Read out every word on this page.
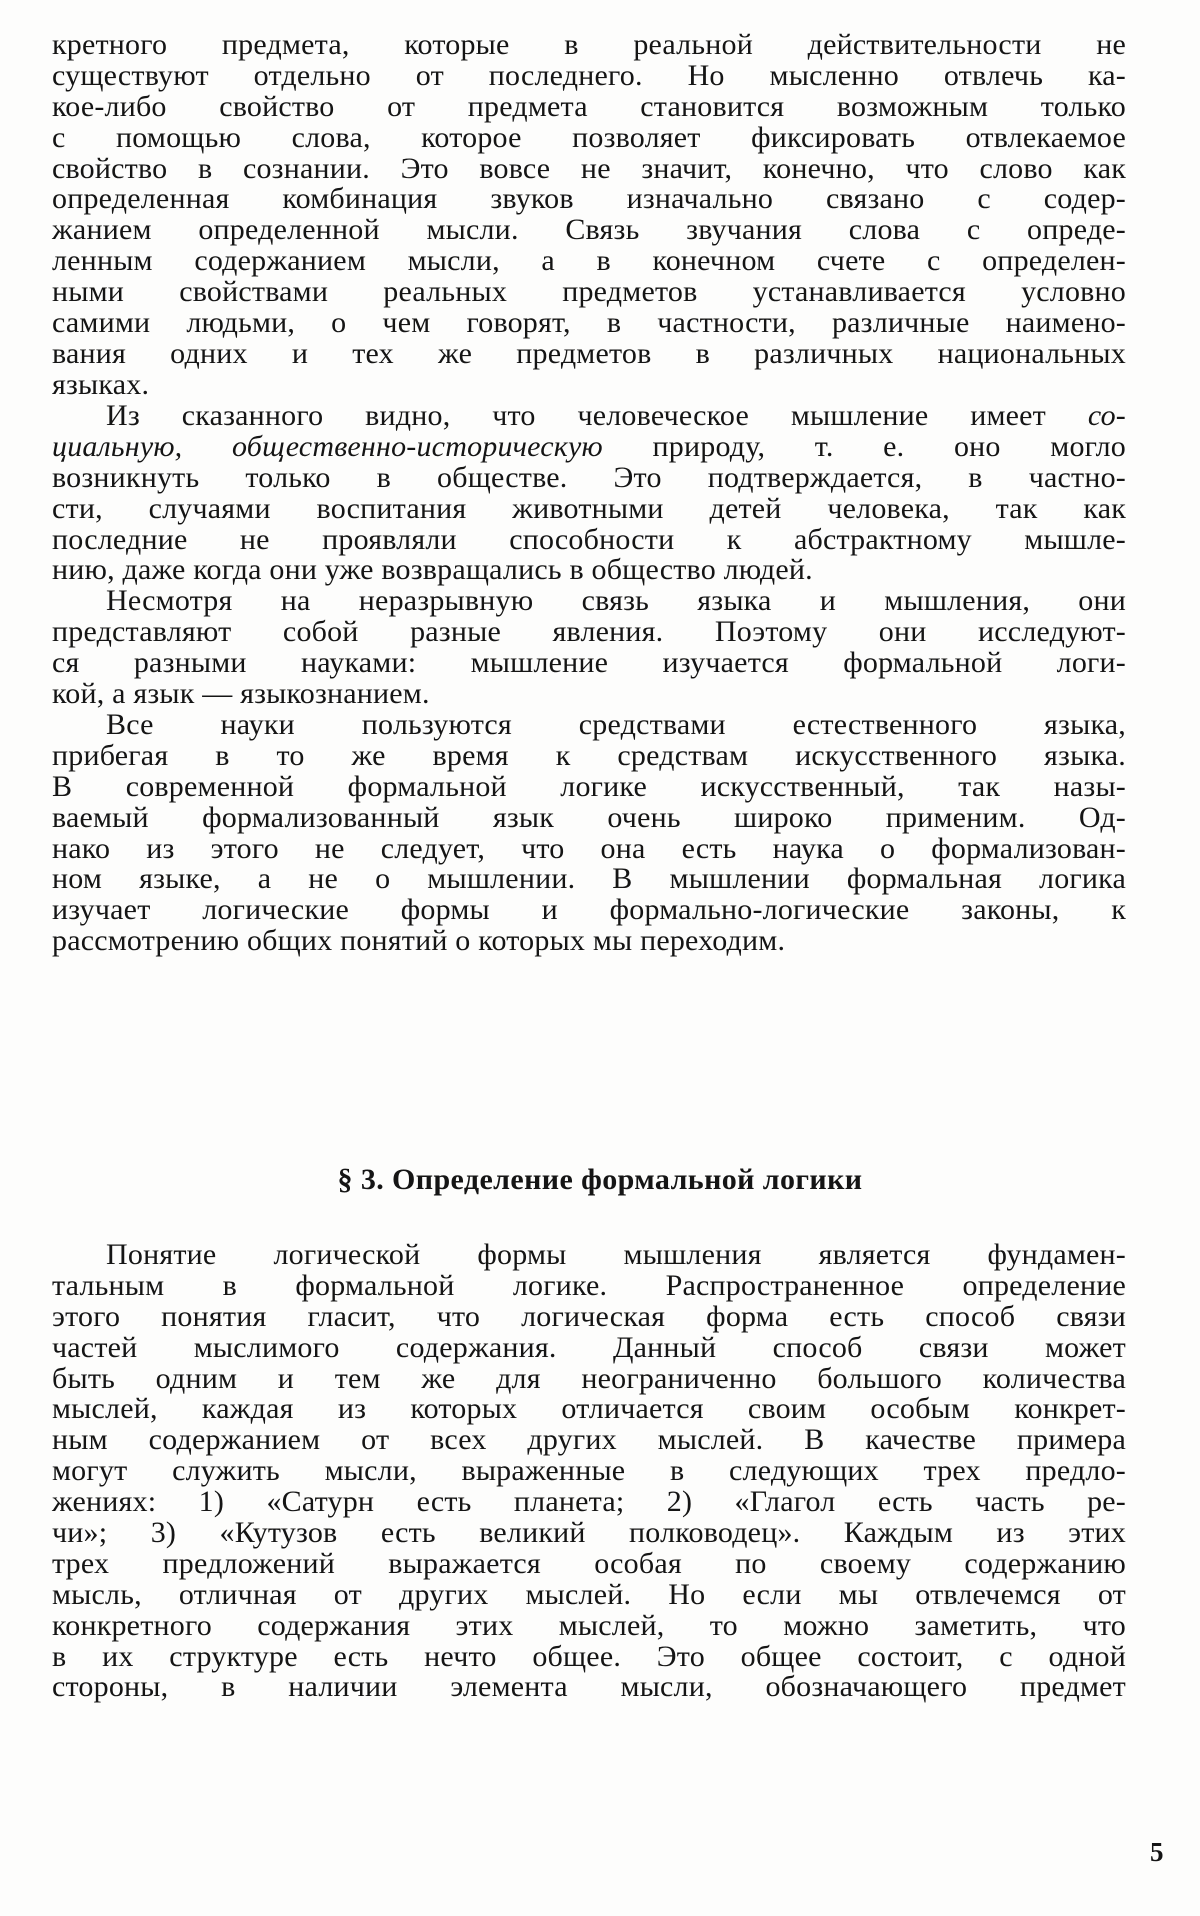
кретного предмета, которые в реальной действительности не
существуют отдельно от последнего. Но мысленно отвлечь ка-
кое-либо свойство от предмета становится возможным только
с помощью слова, которое позволяет фиксировать отвлекаемое
свойство в сознании. Это вовсе не значит, конечно, что слово как
определенная комбинация звуков изначально связано с содер-
жанием определенной мысли. Связь звучания слова с опреде-
ленным содержанием мысли, а в конечном счете с определен-
ными свойствами реальных предметов устанавливается условно
самими людьми, о чем говорят, в частности, различные наимено-
вания одних и тех же предметов в различных национальных
языках.
Из сказанного видно, что человеческое мышление имеет со-
циальную, общественно-историческую природу, т. е. оно могло
возникнуть только в обществе. Это подтверждается, в частно-
сти, случаями воспитания животными детей человека, так как
последние не проявляли способности к абстрактному мышле-
нию, даже когда они уже возвращались в общество людей.
Несмотря на неразрывную связь языка и мышления, они
представляют собой разные явления. Поэтому они исследуют-
ся разными науками: мышление изучается формальной логи-
кой, а язык — языкознанием.
Все науки пользуются средствами естественного языка,
прибегая в то же время к средствам искусственного языка.
В современной формальной логике искусственный, так назы-
ваемый формализованный язык очень широко применим. Од-
нако из этого не следует, что она есть наука о формализован-
ном языке, а не о мышлении. В мышлении формальная логика
изучает логические формы и формально-логические законы, к
рассмотрению общих понятий о которых мы переходим.
§ 3. Определение формальной логики
Понятие логической формы мышления является фундамен-
тальным в формальной логике. Распространенное определение
этого понятия гласит, что логическая форма есть способ связи
частей мыслимого содержания. Данный способ связи может
быть одним и тем же для неограниченно большого количества
мыслей, каждая из которых отличается своим особым конкрет-
ным содержанием от всех других мыслей. В качестве примера
могут служить мысли, выраженные в следующих трех предло-
жениях: 1) «Сатурн есть планета; 2) «Глагол есть часть ре-
чи»; 3) «Кутузов есть великий полководец». Каждым из этих
трех предложений выражается особая по своему содержанию
мысль, отличная от других мыслей. Но если мы отвлечемся от
конкретного содержания этих мыслей, то можно заметить, что
в их структуре есть нечто общее. Это общее состоит, с одной
стороны, в наличии элемента мысли, обозначающего предмет
5
